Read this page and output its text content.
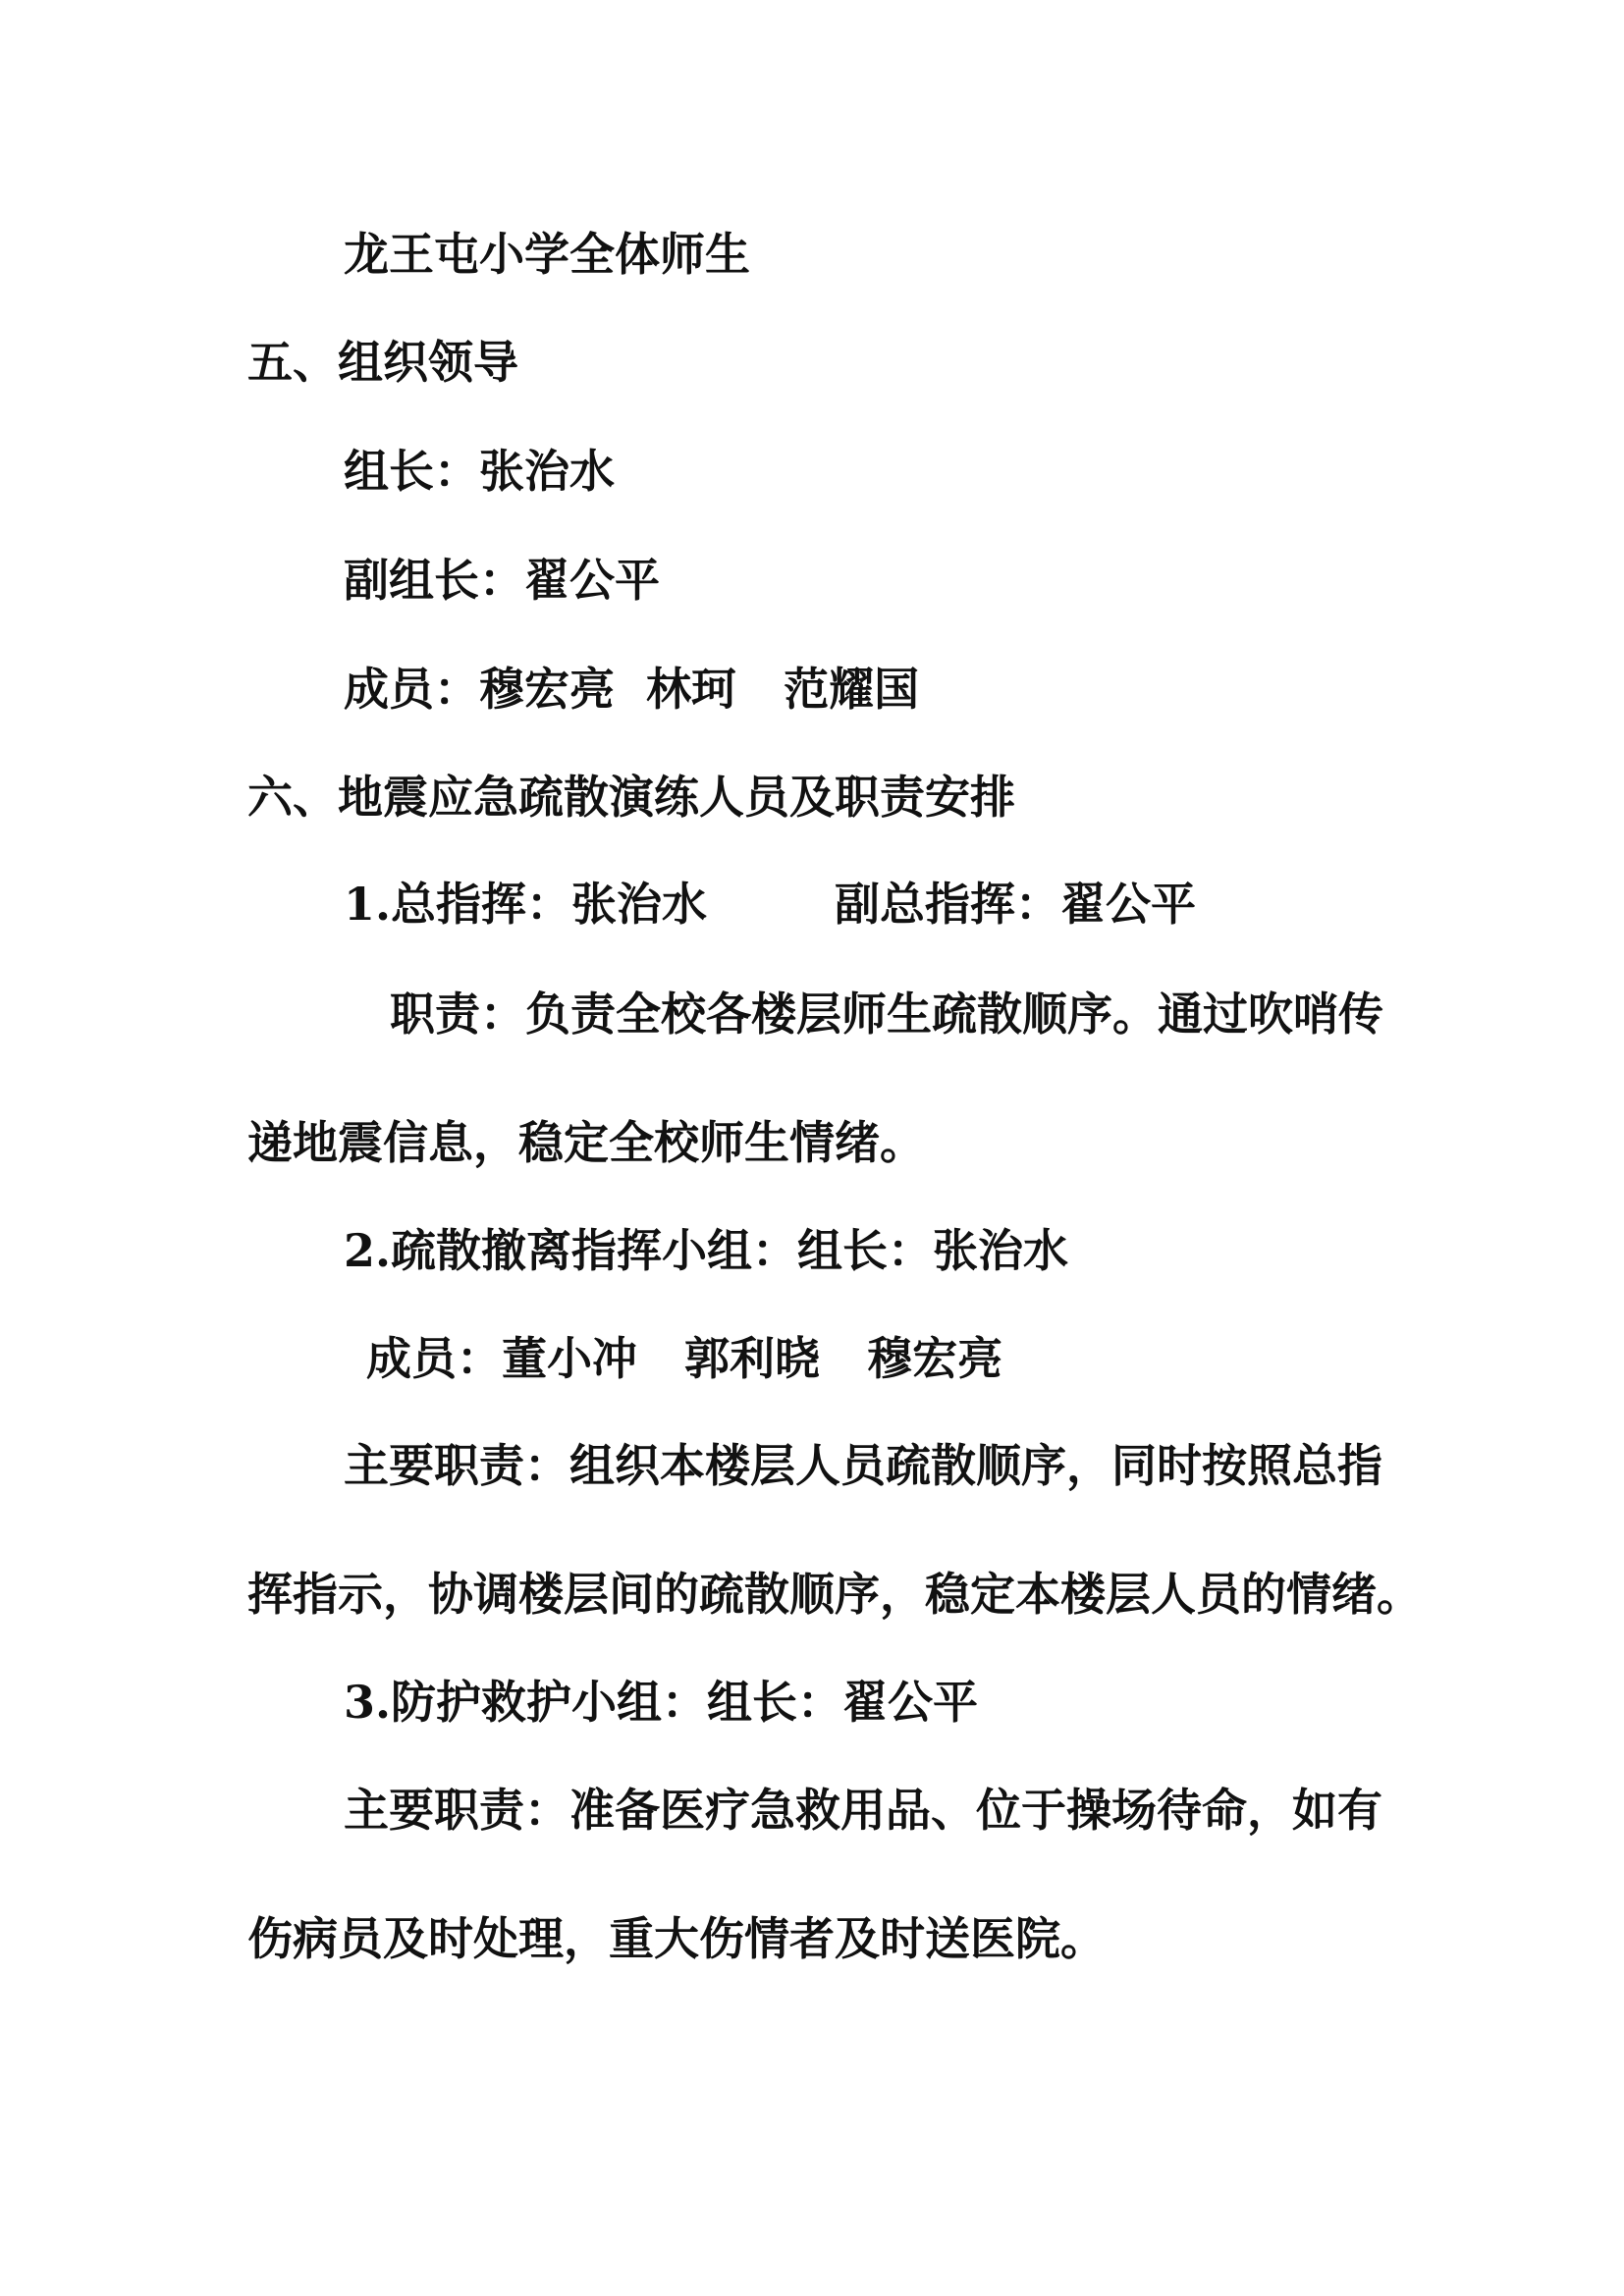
龙王屯小学全体师生
五、组织领导
组长：张治水
副组长：翟公平
成员：穆宏亮  林珂   范耀国
六、地震应急疏散演练人员及职责安排
1.总指挥：张治水	副总指挥：翟公平
职责：负责全校各楼层师生疏散顺序。通过吹哨传
递地震信息，稳定全校师生情绪。
2.疏散撤离指挥小组：组长：张治水
成员：董小冲   郭利晓   穆宏亮
主要职责：组织本楼层人员疏散顺序，同时按照总指
挥指示，协调楼层间的疏散顺序，稳定本楼层人员的情绪。
3.防护救护小组：组长：翟公平
主要职责：准备医疗急救用品、位于操场待命，如有
伤病员及时处理，重大伤情者及时送医院。
